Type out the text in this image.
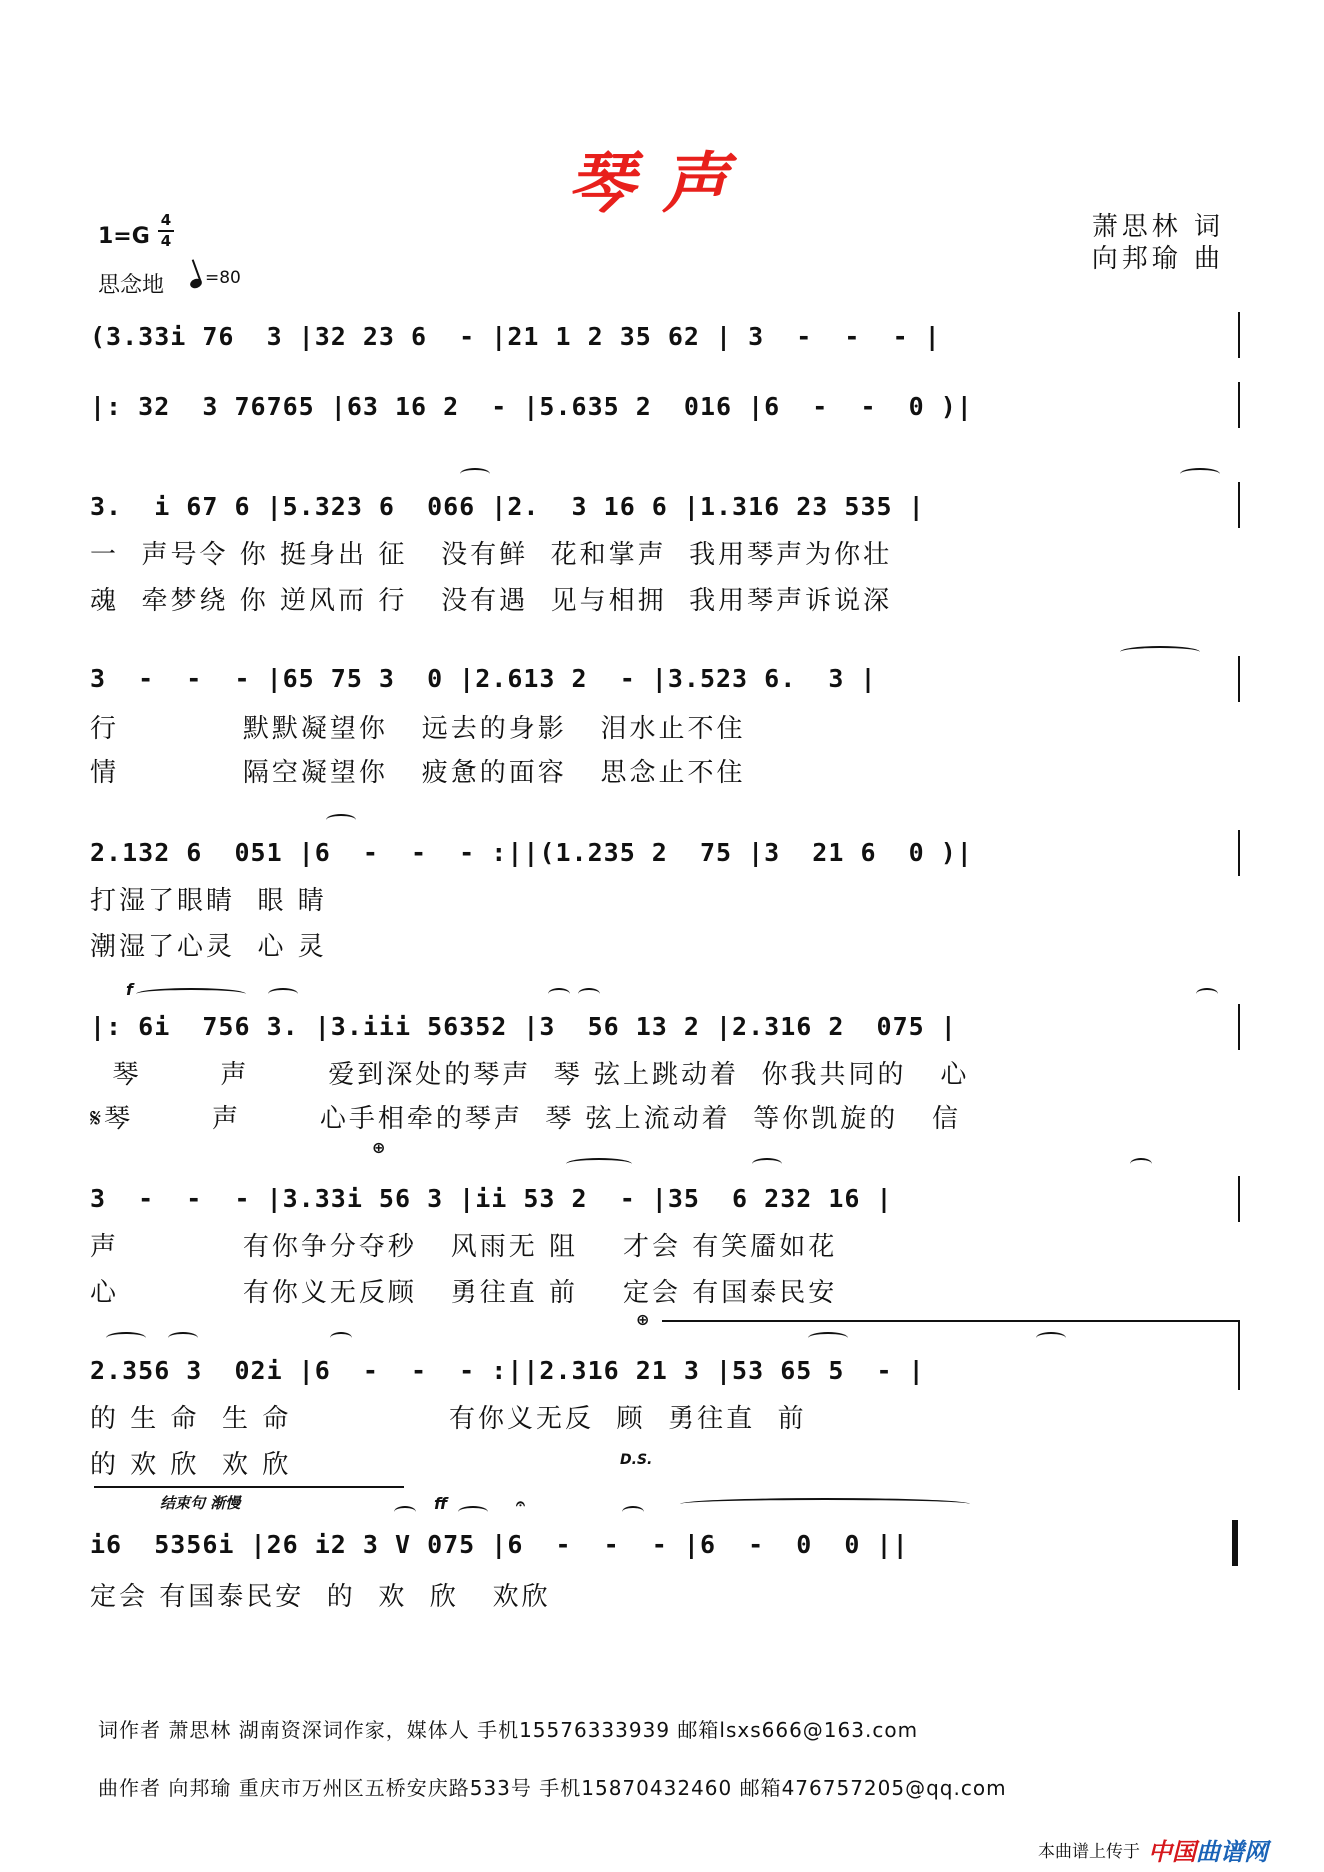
琴声
1=G
4
4
思念地 =80
萧思林 词
向邦瑜 曲
(3.33i 76  3 |32 23 6  - |21 1 2 35 62 | 3  -  -  - |
|: 32  3 76765 |63 16 2  - |5.635 2  016 |6  -  -  0 )|
3.  i 67 6 |5.323 6  066 |2.  3 16 6 |1.316 23 535 |
一  声号令 你 挺身出 征   没有鲜  花和掌声  我用琴声为你壮
魂  牵梦绕 你 逆风而 行   没有遇  见与相拥  我用琴声诉说深
3  -  -  - |65 75 3  0 |2.613 2  - |3.523 6.  3 |
行           默默凝望你   远去的身影   泪水止不住
情           隔空凝望你   疲惫的面容   思念止不住
2.132 6  051 |6  -  -  - :||(1.235 2  75 |3  21 6  0 )|
打湿了眼睛  眼 睛
潮湿了心灵  心 灵
f
|: 6i  756 3. |3.iii 56352 |3  56 13 2 |2.316 2  075 |
琴       声       爱到深处的琴声  琴 弦上跳动着  你我共同的   心
𝄋琴       声       心手相牵的琴声  琴 弦上流动着  等你凯旋的   信
⊕
3  -  -  - |3.33i 56 3 |ii 53 2  - |35  6 232 16 |
声           有你争分夺秒   风雨无 阻    才会 有笑靥如花
心           有你义无反顾   勇往直 前    定会 有国泰民安
⊕
2.356 3  02i |6  -  -  - :||2.316 21 3 |53 65 5  - |
的 生 命  生 命              有你义无反  顾  勇往直  前
的 欢 欣  欢 欣	D.S.
结束句 渐慢	ff	𝄐
i6  5356i |26 i2 3 V 075 |6  -  -  - |6  -  0  0 ||
定会 有国泰民安  的  欢  欣   欢欣
词作者 萧思林 湖南资深词作家，媒体人 手机15576333939 邮箱lsxs666@163.com
曲作者 向邦瑜 重庆市万州区五桥安庆路533号 手机15870432460 邮箱476757205@qq.com
本曲谱上传于 中国曲谱网
